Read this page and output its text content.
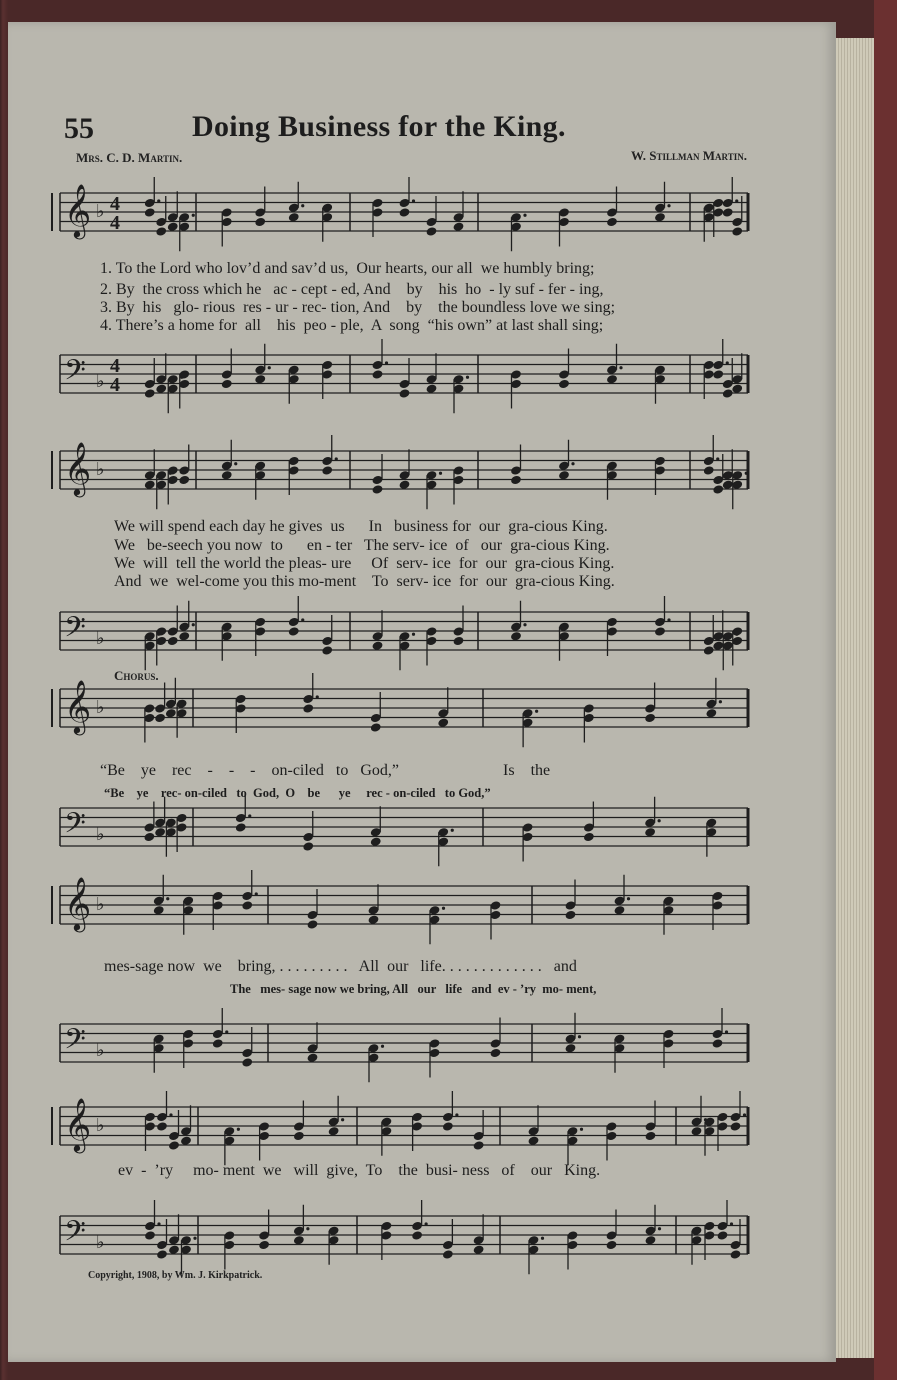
55	Doing Business for the King.
Mrs. C. D. Martin.	W. Stillman Martin.
𝄞 ♭ 4
4
𝄢 ♭
4
4
𝄞 ♭
𝄢 ♭
𝄞 ♭
𝄢 ♭
𝄞 ♭
𝄢 ♭
𝄞 ♭
𝄢 ♭
1. To the Lord who lov’d and sav’d us,  Our hearts, our all  we humbly bring;
2. By  the cross which he   ac - cept - ed, And    by    his  ho  - ly suf - fer - ing,
3. By  his   glo- rious  res - ur - rec- tion, And    by    the boundless love we sing;
4. There’s a home for  all    his  peo - ple,  A  song  “his own” at last shall sing;
We will spend each day he gives  us      In   business for  our  gra-cious King.
We   be-seech you now  to      en - ter   The serv- ice  of   our  gra-cious King.
We  will  tell the world the pleas- ure     Of  serv- ice  for  our  gra-cious King.
And  we  wel-come you this mo-ment    To  serv- ice  for  our  gra-cious King.
Chorus.
“Be    ye    rec    -    -    -    on-ciled   to   God,”                          Is    the
“Be    ye    rec- on-ciled   to  God,  O    be      ye     rec - on-ciled   to God,”
mes-sage now  we    bring, . . . . . . . . .   All  our   life. . . . . . . . . . . . .   and
The   mes- sage now we bring, All   our   life   and  ev - ’ry  mo- ment,
ev  -  ’ry     mo- ment  we   will  give,  To    the  busi- ness   of    our   King.
Copyright, 1908, by Wm. J. Kirkpatrick.
